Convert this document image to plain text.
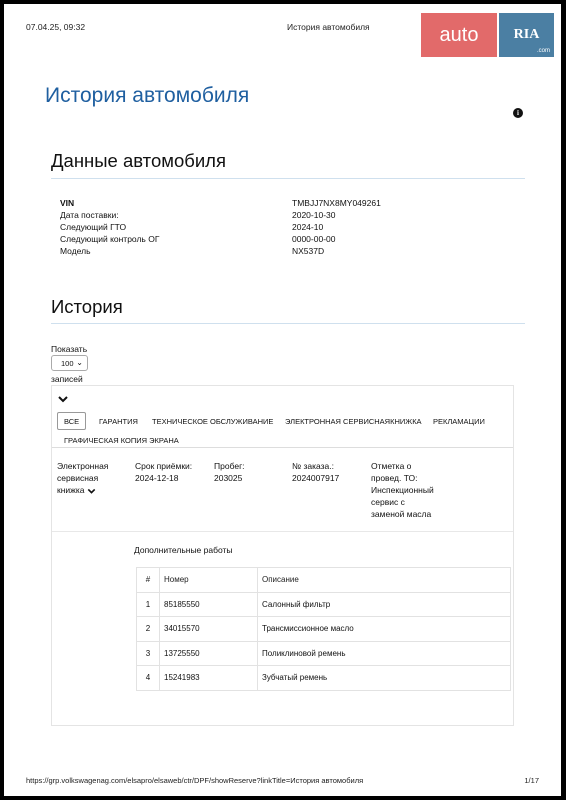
07.04.25, 09:32	История автомобиля	auto	RIA
.com
История автомобиля
i
Данные автомобиля
VIN	TMBJJ7NX8MY049261
Дата поставки:	2020-10-30
Следующий ГТО	2024-10
Следующий контроль ОГ	0000-00-00
Модель	NX537D
История
Показать
100 ⌄
записей
ВСЕ	ГАРАНТИЯ	ТЕХНИЧЕСКОЕ ОБСЛУЖИВАНИЕ	ЭЛЕКТРОННАЯ СЕРВИСНАЯКНИЖКА	РЕКЛАМАЦИИ
ГРАФИЧЕСКАЯ КОПИЯ ЭКРАНА
Электронная
сервисная
книжка
Срок приёмки:
2024-12-18
Пробег:
203025
№ заказа.:
2024007917
Отметка о
провед. ТО:
Инспекционный
сервис с
заменой масла
Дополнительные работы
#	Номер	Описание
1	85185550	Салонный фильтр
2	34015570	Трансмиссионное масло
3	13725550	Поликлиновой ремень
4	15241983	Зубчатый ремень
https://grp.volkswagenag.com/elsapro/elsaweb/ctr/DPF/showReserve?linkTitle=История автомобиля	1/17
